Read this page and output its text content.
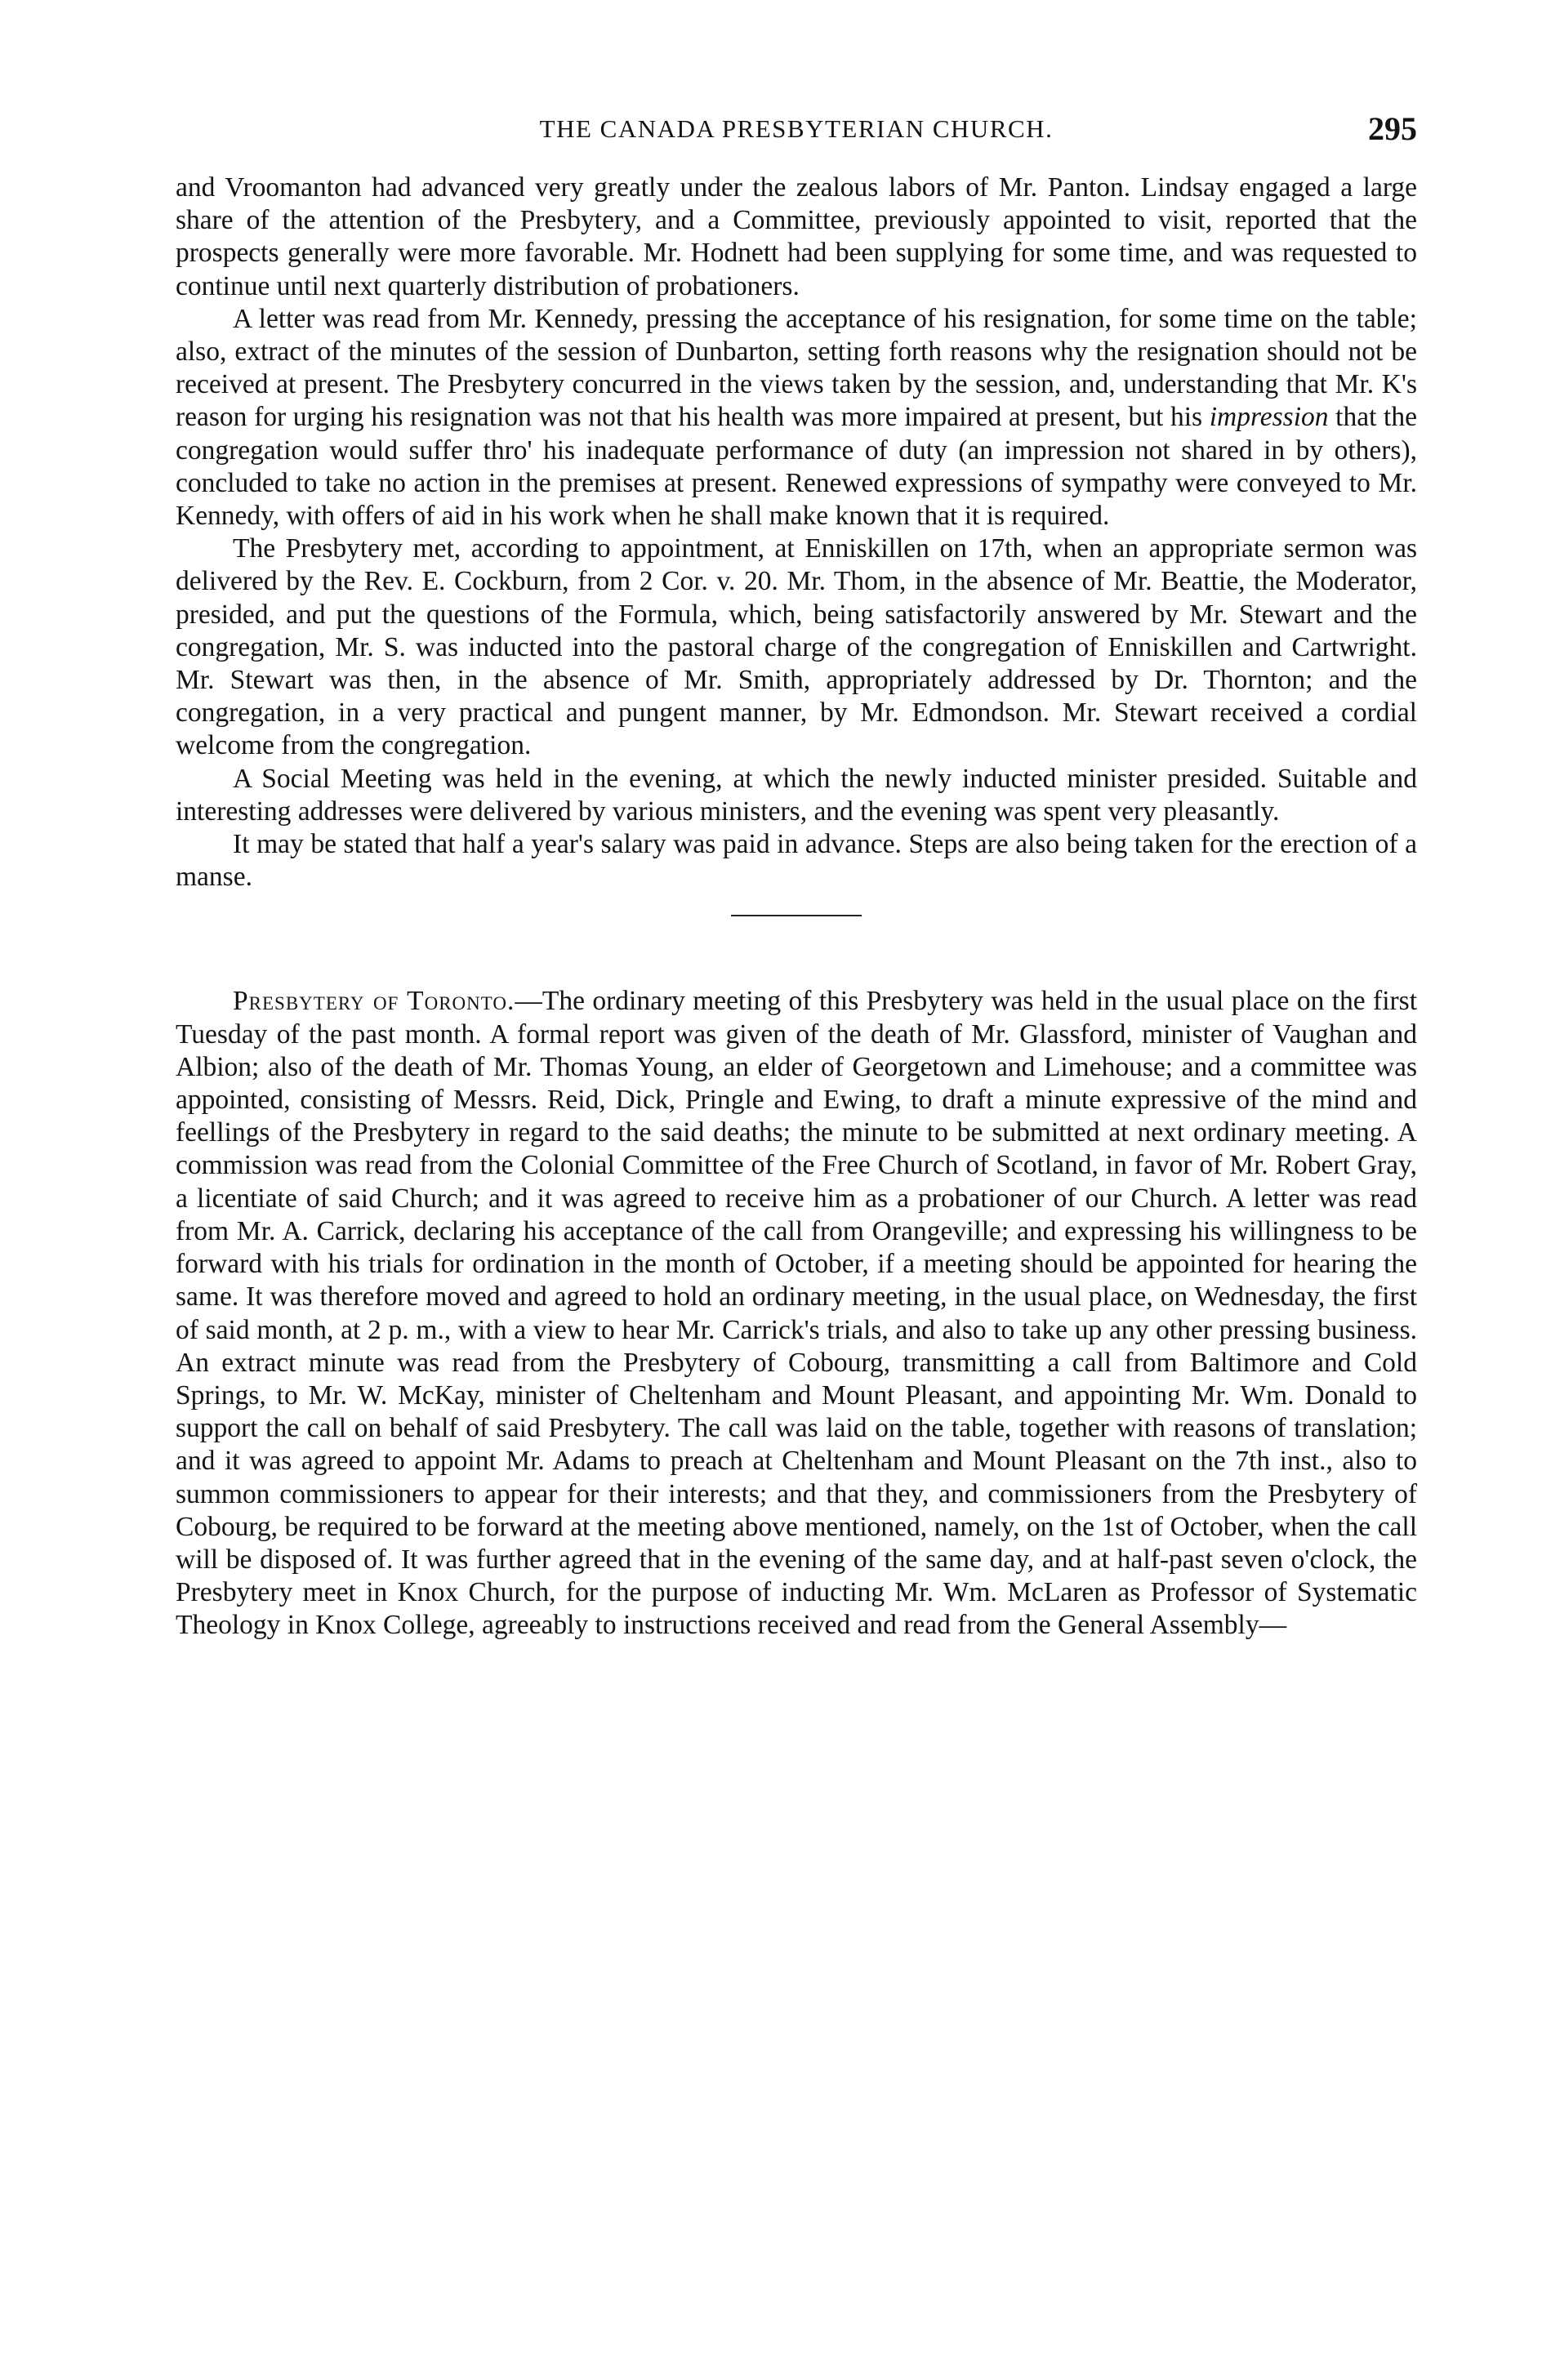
THE CANADA PRESBYTERIAN CHURCH.	295

and Vroomanton had advanced very greatly under the zealous labors of Mr. Panton. Lindsay engaged a large share of the attention of the Presbytery, and a Committee, previously appointed to visit, reported that the prospects generally were more favorable. Mr. Hodnett had been supplying for some time, and was requested to continue until next quarterly distribution of probationers.

A letter was read from Mr. Kennedy, pressing the acceptance of his resignation, for some time on the table; also, extract of the minutes of the session of Dunbarton, setting forth reasons why the resignation should not be received at present. The Presbytery concurred in the views taken by the session, and, understanding that Mr. K's reason for urging his resignation was not that his health was more impaired at present, but his impression that the congregation would suffer thro' his inadequate performance of duty (an impression not shared in by others), concluded to take no action in the premises at present. Renewed expressions of sympathy were conveyed to Mr. Kennedy, with offers of aid in his work when he shall make known that it is required.

The Presbytery met, according to appointment, at Enniskillen on 17th, when an appropriate sermon was delivered by the Rev. E. Cockburn, from 2 Cor. v. 20. Mr. Thom, in the absence of Mr. Beattie, the Moderator, presided, and put the questions of the Formula, which, being satisfactorily answered by Mr. Stewart and the congregation, Mr. S. was inducted into the pastoral charge of the congregation of Enniskillen and Cartwright. Mr. Stewart was then, in the absence of Mr. Smith, appropriately addressed by Dr. Thornton; and the congregation, in a very practical and pungent manner, by Mr. Edmondson. Mr. Stewart received a cordial welcome from the congregation.

A Social Meeting was held in the evening, at which the newly inducted minister presided. Suitable and interesting addresses were delivered by various ministers, and the evening was spent very pleasantly.

It may be stated that half a year's salary was paid in advance. Steps are also being taken for the erection of a manse.

Presbytery of Toronto.—The ordinary meeting of this Presbytery was held in the usual place on the first Tuesday of the past month. A formal report was given of the death of Mr. Glassford, minister of Vaughan and Albion; also of the death of Mr. Thomas Young, an elder of Georgetown and Limehouse; and a committee was appointed, consisting of Messrs. Reid, Dick, Pringle and Ewing, to draft a minute expressive of the mind and feellings of the Presbytery in regard to the said deaths; the minute to be submitted at next ordinary meeting. A commission was read from the Colonial Committee of the Free Church of Scotland, in favor of Mr. Robert Gray, a licentiate of said Church; and it was agreed to receive him as a probationer of our Church. A letter was read from Mr. A. Carrick, declaring his acceptance of the call from Orangeville; and expressing his willingness to be forward with his trials for ordination in the month of October, if a meeting should be appointed for hearing the same. It was therefore moved and agreed to hold an ordinary meeting, in the usual place, on Wednesday, the first of said month, at 2 p. m., with a view to hear Mr. Carrick's trials, and also to take up any other pressing business. An extract minute was read from the Presbytery of Cobourg, transmitting a call from Baltimore and Cold Springs, to Mr. W. McKay, minister of Cheltenham and Mount Pleasant, and appointing Mr. Wm. Donald to support the call on behalf of said Presbytery. The call was laid on the table, together with reasons of translation; and it was agreed to appoint Mr. Adams to preach at Cheltenham and Mount Pleasant on the 7th inst., also to summon commissioners to appear for their interests; and that they, and commissioners from the Presbytery of Cobourg, be required to be forward at the meeting above mentioned, namely, on the 1st of October, when the call will be disposed of. It was further agreed that in the evening of the same day, and at half-past seven o'clock, the Presbytery meet in Knox Church, for the purpose of inducting Mr. Wm. McLaren as Professor of Systematic Theology in Knox College, agreeably to instructions received and read from the General Assembly—
